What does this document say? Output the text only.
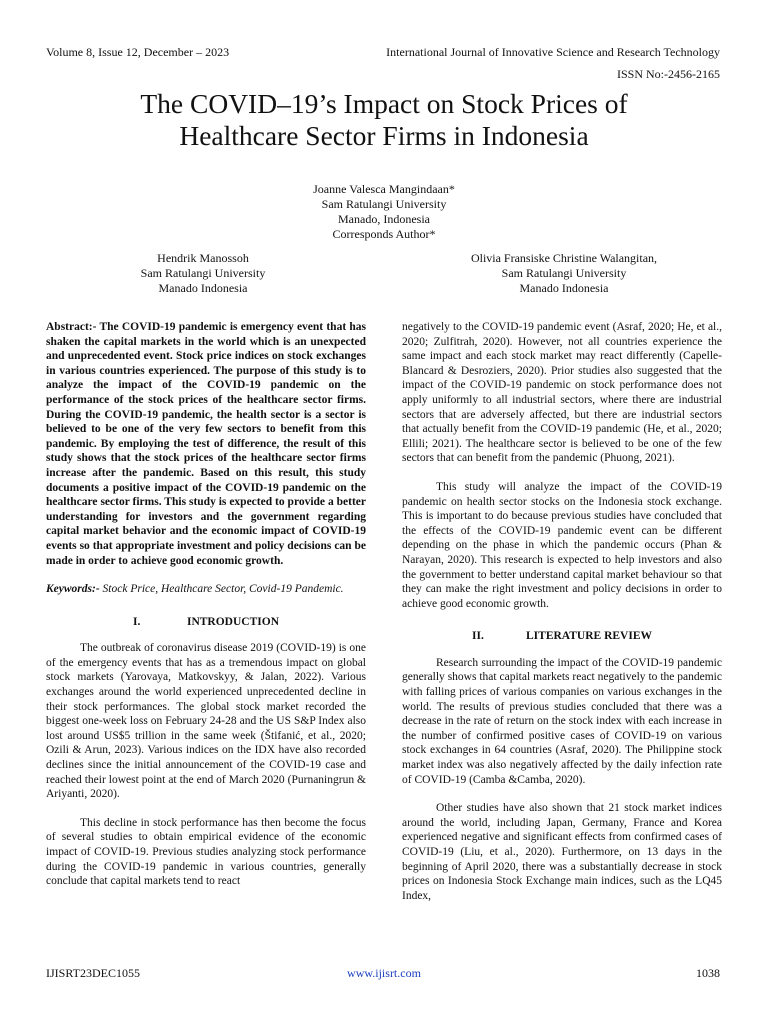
Volume 8, Issue 12, December – 2023	International Journal of Innovative Science and Research Technology
ISSN No:-2456-2165
The COVID–19’s Impact on Stock Prices of
Healthcare Sector Firms in Indonesia
Joanne Valesca Mangindaan*
Sam Ratulangi University
Manado, Indonesia
Corresponds Author*
Hendrik Manossoh
Sam Ratulangi University
Manado Indonesia
Olivia Fransiske Christine Walangitan,
Sam Ratulangi University
Manado Indonesia

Abstract:- The COVID-19 pandemic is emergency event that has shaken the capital markets in the world which is an unexpected and unprecedented event. Stock price indices on stock exchanges in various countries experienced. The purpose of this study is to analyze the impact of the COVID-19 pandemic on the performance of the stock prices of the healthcare sector firms. During the COVID-19 pandemic, the health sector is a sector is believed to be one of the very few sectors to benefit from this pandemic. By employing the test of difference, the result of this study shows that the stock prices of the healthcare sector firms increase after the pandemic. Based on this result, this study documents a positive impact of the COVID-19 pandemic on the healthcare sector firms. This study is expected to provide a better understanding for investors and the government regarding capital market behavior and the economic impact of COVID-19 events so that appropriate investment and policy decisions can be made in order to achieve good economic growth.

Keywords:- Stock Price, Healthcare Sector, Covid-19 Pandemic.

I.	INTRODUCTION

The outbreak of coronavirus disease 2019 (COVID-19) is one of the emergency events that has as a tremendous impact on global stock markets (Yarovaya, Matkovskyy, & Jalan, 2022). Various exchanges around the world experienced unprecedented decline in their stock performances. The global stock market recorded the biggest one-week loss on February 24-28 and the US S&P Index also lost around US$5 trillion in the same week (Štifanić, et al., 2020; Ozili & Arun, 2023). Various indices on the IDX have also recorded declines since the initial announcement of the COVID-19 case and reached their lowest point at the end of March 2020 (Purnaningrun & Ariyanti, 2020).

This decline in stock performance has then become the focus of several studies to obtain empirical evidence of the economic impact of COVID-19. Previous studies analyzing stock performance during the COVID-19 pandemic in various countries, generally conclude that capital markets tend to react

negatively to the COVID-19 pandemic event (Asraf, 2020; He, et al., 2020; Zulfitrah, 2020). However, not all countries experience the same impact and each stock market may react differently (Capelle-Blancard & Desroziers, 2020). Prior studies also suggested that the impact of the COVID-19 pandemic on stock performance does not apply uniformly to all industrial sectors, where there are industrial sectors that are adversely affected, but there are industrial sectors that actually benefit from the COVID-19 pandemic (He, et al., 2020; Ellili; 2021). The healthcare sector is believed to be one of the few sectors that can benefit from the pandemic (Phuong, 2021).

This study will analyze the impact of the COVID-19 pandemic on health sector stocks on the Indonesia stock exchange. This is important to do because previous studies have concluded that the effects of the COVID-19 pandemic event can be different depending on the phase in which the pandemic occurs (Phan & Narayan, 2020). This research is expected to help investors and also the government to better understand capital market behaviour so that they can make the right investment and policy decisions in order to achieve good economic growth.

II.	LITERATURE REVIEW

Research surrounding the impact of the COVID-19 pandemic generally shows that capital markets react negatively to the pandemic with falling prices of various companies on various exchanges in the world. The results of previous studies concluded that there was a decrease in the rate of return on the stock index with each increase in the number of confirmed positive cases of COVID-19 on various stock exchanges in 64 countries (Asraf, 2020). The Philippine stock market index was also negatively affected by the daily infection rate of COVID-19 (Camba &Camba, 2020).

Other studies have also shown that 21 stock market indices around the world, including Japan, Germany, France and Korea experienced negative and significant effects from confirmed cases of COVID-19 (Liu, et al., 2020). Furthermore, on 13 days in the beginning of April 2020, there was a substantially decrease in stock prices on Indonesia Stock Exchange main indices, such as the LQ45 Index,

IJISRT23DEC1055	www.ijisrt.com	1038
